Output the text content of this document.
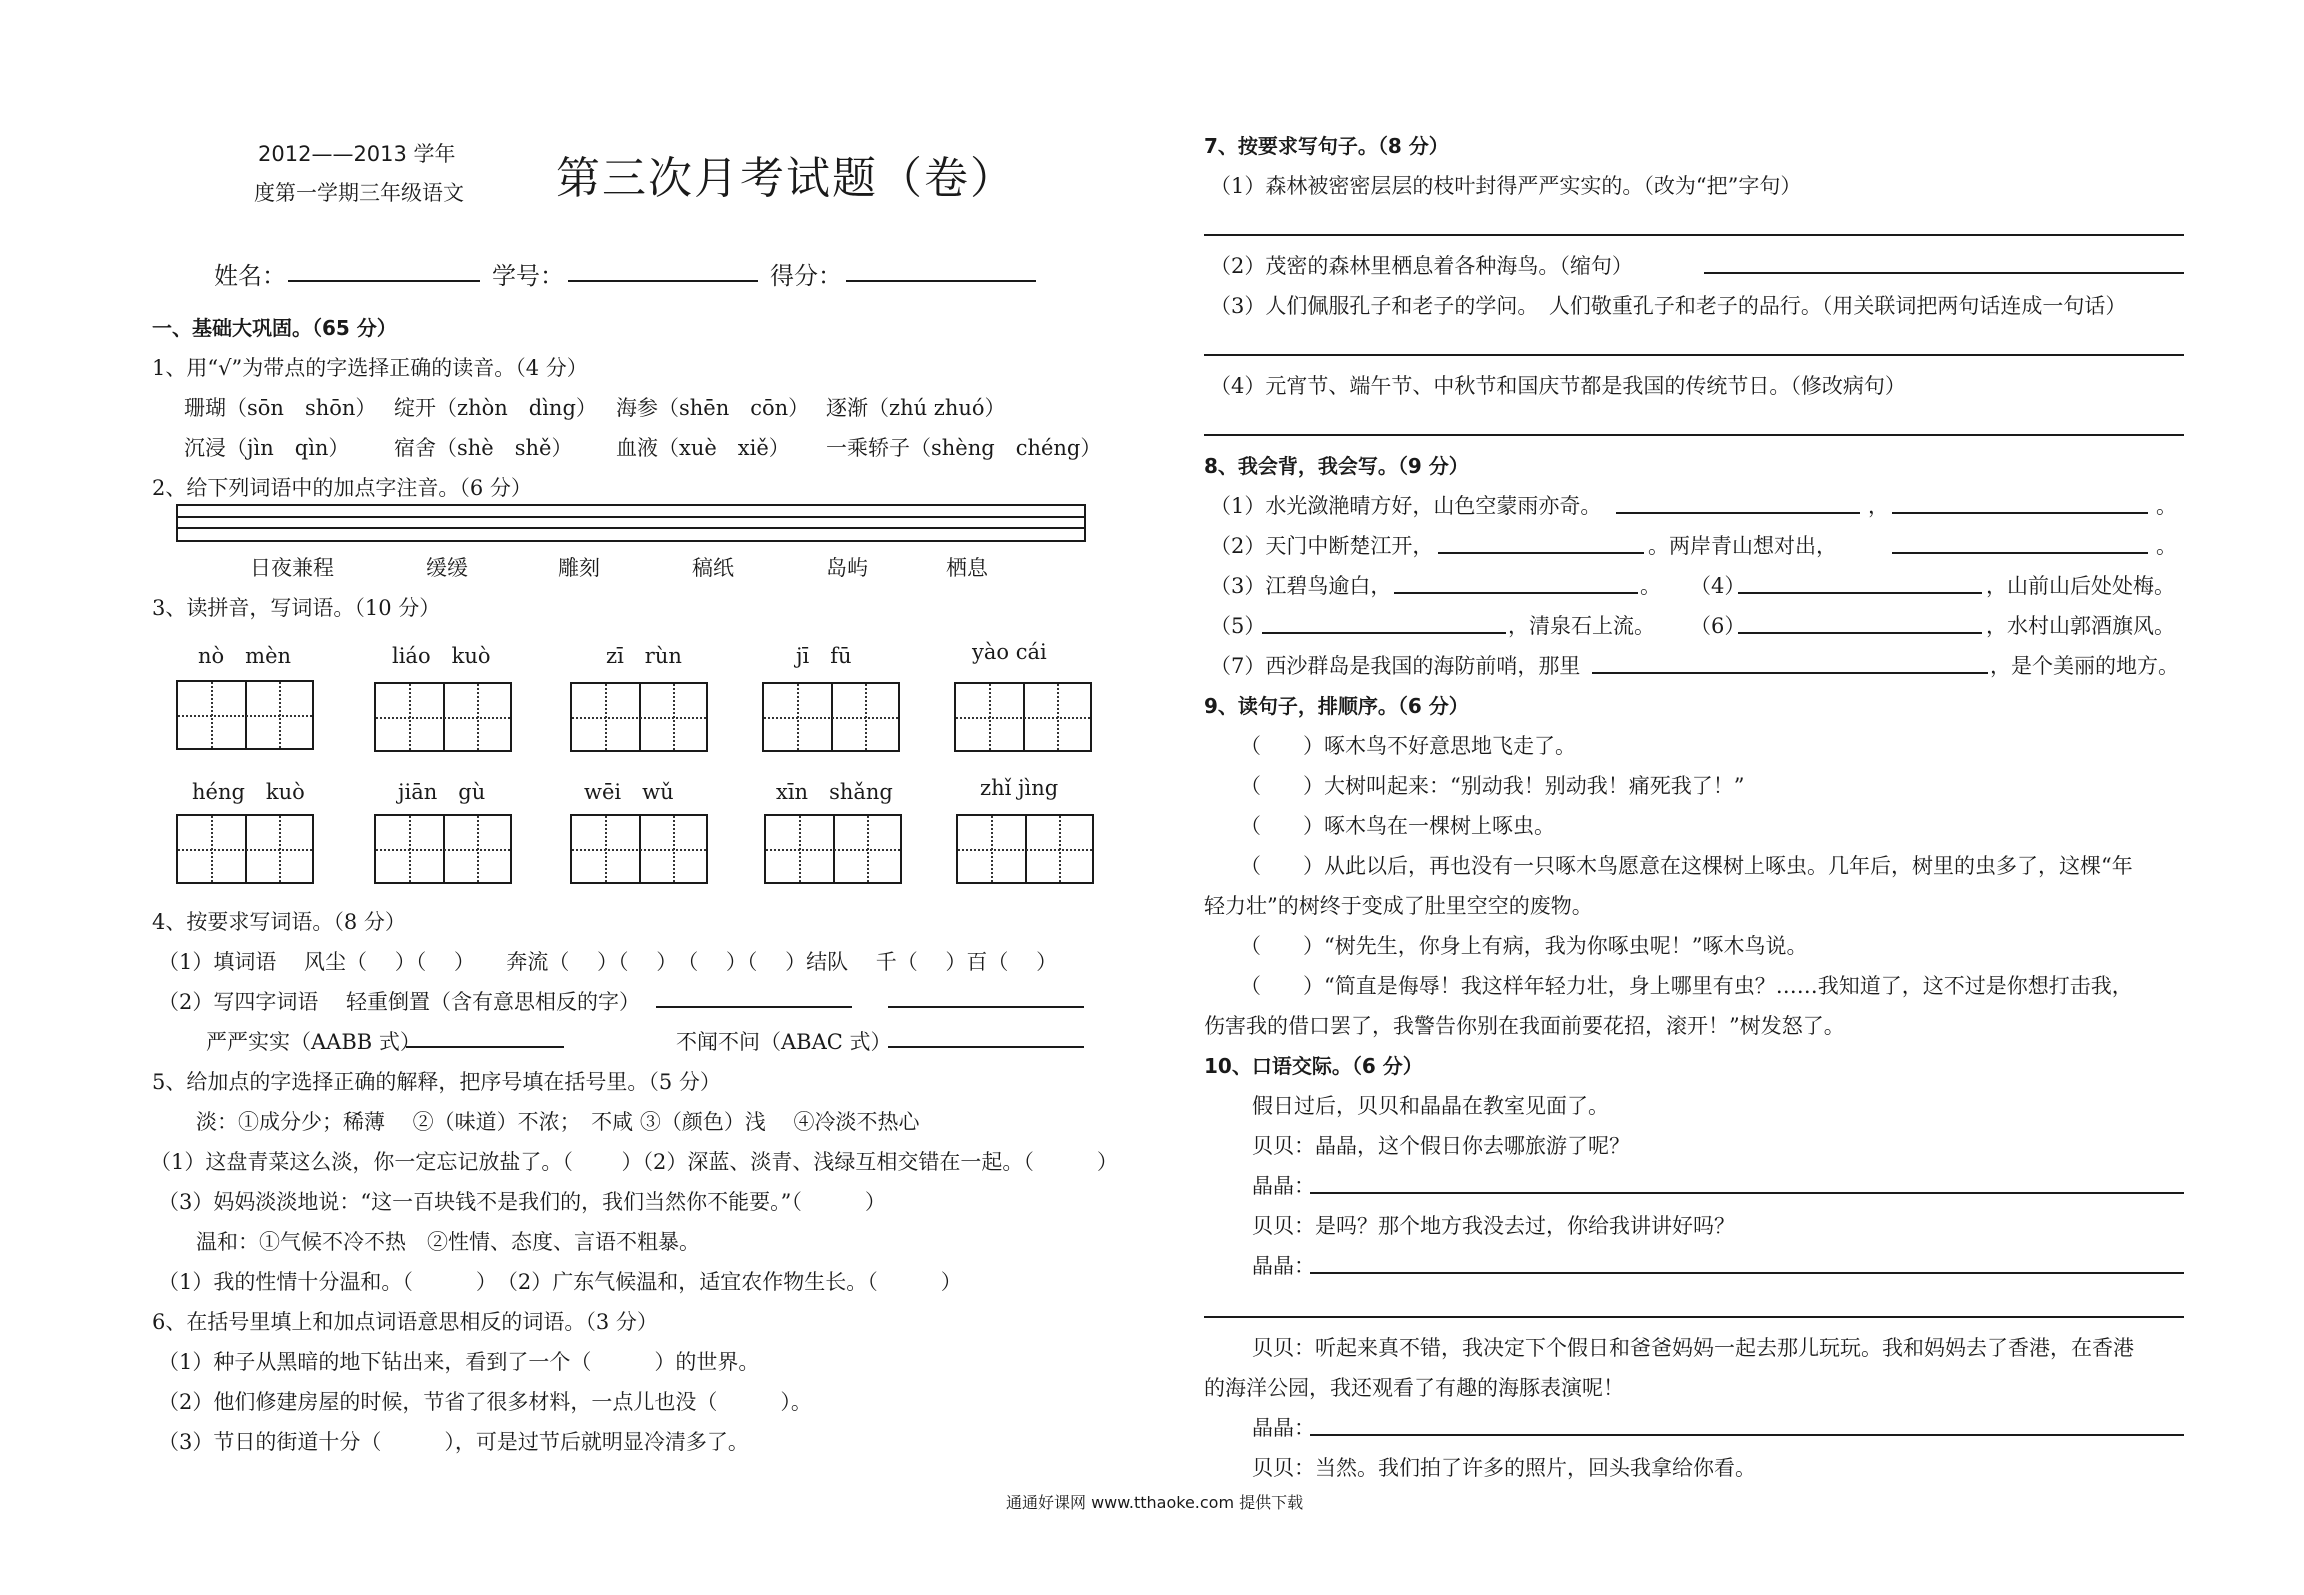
2012——2013 学年
度第一学期三年级语文 第三次月考试题（卷）
姓名：	学号：	得分：
一、基础大巩固。（65 分）
1、用“√”为带点的字选择正确的读音。（4 分）
珊瑚（sōn　shōn） 绽开（zhòn　dìng） 海参（shēn　cōn） 逐渐（zhú zhuó）
沉浸（jìn　qìn） 宿舍（shè　shě） 血液（xuè　xiě） 一乘轿子（shèng　chéng）
2、给下列词语中的加点字注音。（6 分）
日夜兼程	缓缓	雕刻	稿纸	岛屿	栖息
3、读拼音，写词语。（10 分）
nò　mèn	liáo　kuò	zī　rùn	jī　fū	yào cái
héng　kuò	jiān　gù	wēi　wǔ	xīn　shǎng	zhǐ jìng
4、按要求写词语。（8 分）
（1）填词语　 风尘（　 ）（　 ）　　奔流（　 ）（　 ）　（　 ）（　 ）结队　 千（　 ）百（　 ）
（2）写四字词语　 轻重倒置（含有意思相反的字）
严严实实（AABB 式）	不闻不问（ABAC 式）
5、给加点的字选择正确的解释，把序号填在括号里。（5 分）
淡：①成分少；稀薄　 ②（味道）不浓；　不咸 ③（颜色）浅　 ④冷淡不热心
（1）这盘青菜这么淡，你一定忘记放盐了。（　　 ）（2）深蓝、淡青、浅绿互相交错在一起。（　　　）
（3）妈妈淡淡地说：“这一百块钱不是我们的，我们当然你不能要。”（　　　）
温和：①气候不冷不热　②性情、态度、言语不粗暴。
（1）我的性情十分温和。（　　　）　（2）广东气候温和，适宜农作物生长。（　　　）
6、在括号里填上和加点词语意思相反的词语。（3 分）
（1）种子从黑暗的地下钻出来，看到了一个（　　　）的世界。
（2）他们修建房屋的时候，节省了很多材料，一点儿也没（　　　）。
（3）节日的街道十分（　　　），可是过节后就明显冷清多了。
7、按要求写句子。（8 分）
（1）森林被密密层层的枝叶封得严严实实的。（改为“把”字句）
（2）茂密的森林里栖息着各种海鸟。（缩句）
（3）人们佩服孔子和老子的学问。　人们敬重孔子和老子的品行。（用关联词把两句话连成一句话）
（4）元宵节、端午节、中秋节和国庆节都是我国的传统节日。（修改病句）
8、我会背，我会写。（9 分）
（1）水光潋滟晴方好，山色空蒙雨亦奇。	，	。
（2）天门中断楚江开，	。两岸青山想对出，	。
（3）江碧鸟逾白，	。 （4）	，山前山后处处梅。
（5）	，清泉石上流。 （6）	，水村山郭酒旗风。
（7）西沙群岛是我国的海防前哨，那里	，是个美丽的地方。
9、读句子，排顺序。（6 分）
（　　）啄木鸟不好意思地飞走了。
（　　）大树叫起来：“别动我！别动我！痛死我了！”
（　　）啄木鸟在一棵树上啄虫。
（　　）从此以后，再也没有一只啄木鸟愿意在这棵树上啄虫。几年后，树里的虫多了，这棵“年
轻力壮”的树终于变成了肚里空空的废物。
（　　）“树先生，你身上有病，我为你啄虫呢！”啄木鸟说。
（　　）“简直是侮辱！我这样年轻力壮，身上哪里有虫？……我知道了，这不过是你想打击我，
伤害我的借口罢了，我警告你别在我面前要花招，滚开！”树发怒了。
10、口语交际。（6 分）
假日过后，贝贝和晶晶在教室见面了。
贝贝：晶晶，这个假日你去哪旅游了呢？
晶晶：
贝贝：是吗？那个地方我没去过，你给我讲讲好吗？
晶晶：
贝贝：听起来真不错，我决定下个假日和爸爸妈妈一起去那儿玩玩。我和妈妈去了香港，在香港
的海洋公园，我还观看了有趣的海豚表演呢！
晶晶：
贝贝：当然。我们拍了许多的照片，回头我拿给你看。
通通好课网 www.tthaoke.com 提供下载
